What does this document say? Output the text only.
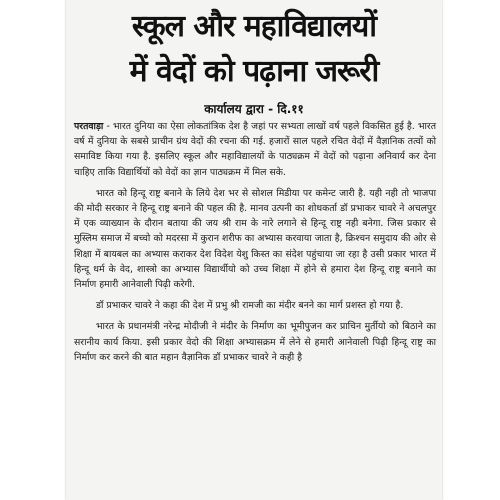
स्कूल और महाविद्यालयों
में वेदों को पढ़ाना जरूरी
कार्यालय द्वारा - दि.११

परतवाड़ा - भारत दुनिया का ऐसा लोकतांत्रिक देश है जहां पर सभ्यता लाखों वर्ष पहले विकसित हुई है. भारत वर्ष में दुनिया के सबसे प्राचीन ग्रंथ वेदों की रचना की गई. हजारों साल पहले रचित वेदों में वैज्ञानिक तत्वों को समाविष्ट किया गया है. इसलिए स्कूल और महाविद्यालयों के पाठ्यक्रम में वेदों को पढ़ाना अनिवार्य कर देना चाहिए ताकि विद्यार्थियों को वेदों का ज्ञान पाठ्यक्रम में मिल सके.

भारत को हिन्दू राष्ट्र बनाने के लिये देश भर से सोशल मिडीया पर कमेन्ट जारी है. यही नही तो भाजपा की मोदी सरकार ने हिन्दू राष्ट्र बनाने की पहल की है. मानव उत्पनी का शोधकर्ता डॉ प्रभाकर चावरे ने अचलपुर में एक व्याख्यान के दौरान बताया की जय श्री राम के नारे लगाने से हिन्दू राष्ट्र नही बनेगा. जिस प्रकार से मुस्लिम समाज में बच्चो को मदरसा में कुरान शरीफ का अभ्यास करवाया जाता है, क्रिश्चन समुदाय की ओर से शिक्षा में बायबल का अभ्यास कराकर देश विदेश येशु किस्त का संदेश पहुंचाया जा रहा है उसी प्रकार भारत में हिन्दू धर्म के वेद, शास्त्रो का अभ्यास विद्यार्थीयो को उच्च शिक्षा में होने से हमारा देश हिन्दू राष्ट्र बनाने का निर्माण हमारी आनेवाली पिढ़ी करेगी.

डॉ प्रभाकर चावरे ने कहा की देश में प्रभु श्री रामजी का मंदीर बनने का मार्ग प्रशस्त हो गया है.

भारत के प्रधानमंत्री नरेन्द्र मोदीजी ने मंदीर के निर्माण का भूमीपुजन कर प्राचिन मुर्तीयो को बिठाने का सरानीय कार्य किया. इसी प्रकार वेदो की शिक्षा अभ्यासक्रम में लेने से हमारी आनेवाली पिढ़ी हिन्दू राष्ट्र का निर्माण कर करने की बात महान वैज्ञानिक डॉ प्रभाकर चावरे ने कही है
